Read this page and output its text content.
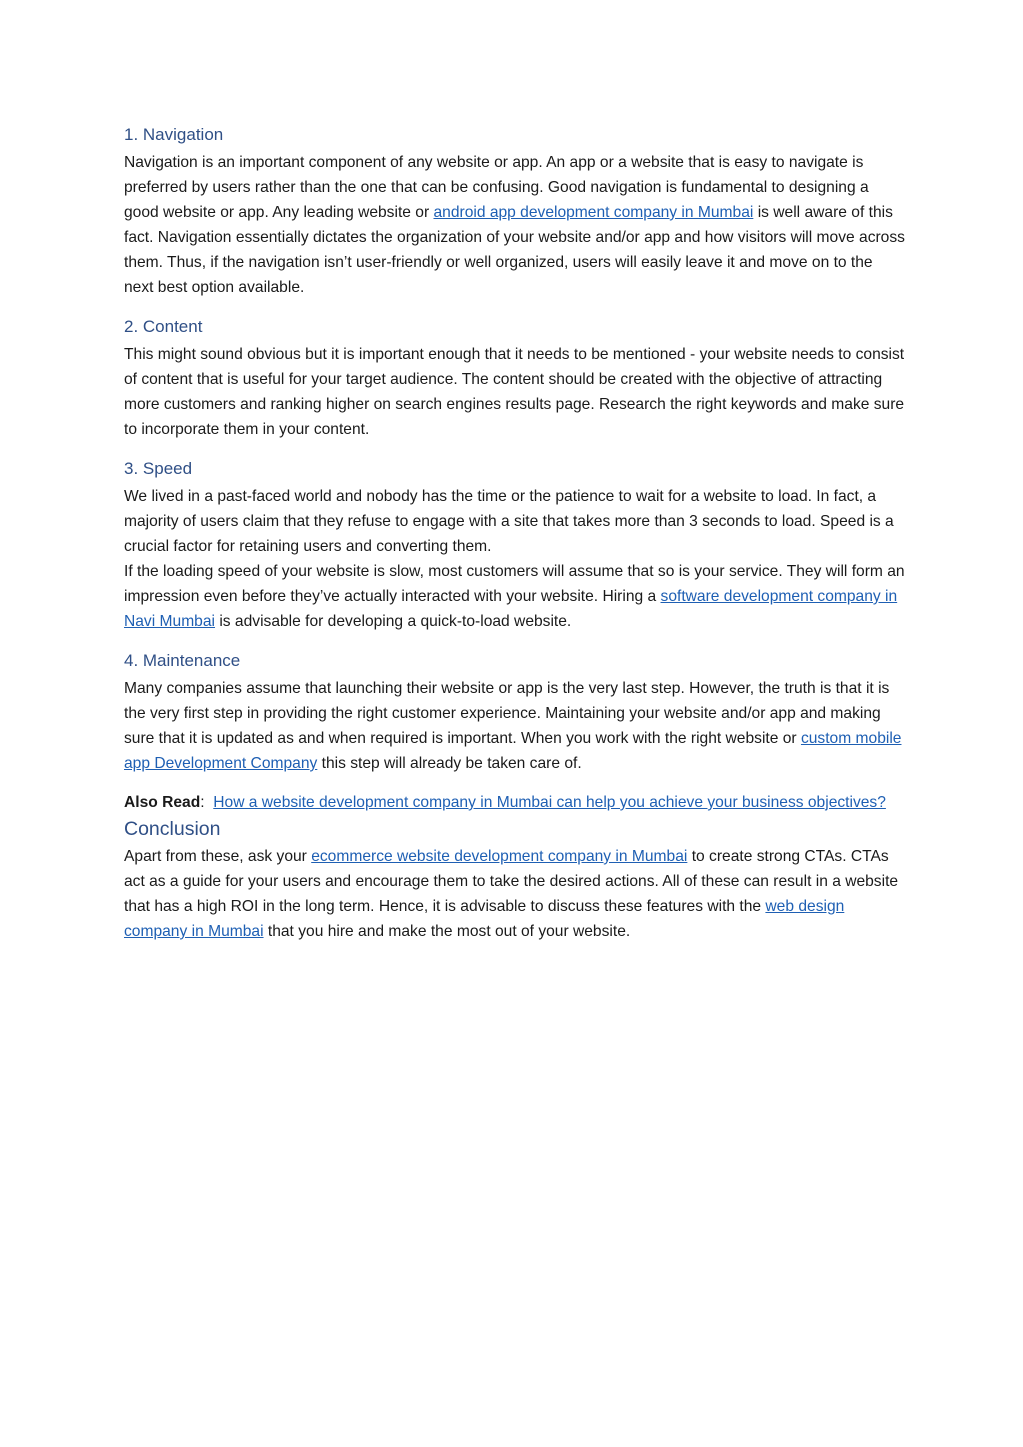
1. Navigation

Navigation is an important component of any website or app. An app or a website that is easy to navigate is preferred by users rather than the one that can be confusing. Good navigation is fundamental to designing a good website or app. Any leading website or android app development company in Mumbai is well aware of this fact. Navigation essentially dictates the organization of your website and/or app and how visitors will move across them. Thus, if the navigation isn’t user-friendly or well organized, users will easily leave it and move on to the next best option available.

2. Content

This might sound obvious but it is important enough that it needs to be mentioned - your website needs to consist of content that is useful for your target audience. The content should be created with the objective of attracting more customers and ranking higher on search engines results page. Research the right keywords and make sure to incorporate them in your content.

3. Speed

We lived in a past-faced world and nobody has the time or the patience to wait for a website to load. In fact, a majority of users claim that they refuse to engage with a site that takes more than 3 seconds to load. Speed is a crucial factor for retaining users and converting them.

If the loading speed of your website is slow, most customers will assume that so is your service. They will form an impression even before they’ve actually interacted with your website. Hiring a software development company in Navi Mumbai is advisable for developing a quick-to-load website.

4. Maintenance

Many companies assume that launching their website or app is the very last step. However, the truth is that it is the very first step in providing the right customer experience. Maintaining your website and/or app and making sure that it is updated as and when required is important. When you work with the right website or custom mobile app Development Company this step will already be taken care of.

Also Read:  How a website development company in Mumbai can help you achieve your business objectives?

Conclusion

Apart from these, ask your ecommerce website development company in Mumbai to create strong CTAs. CTAs act as a guide for your users and encourage them to take the desired actions. All of these can result in a website that has a high ROI in the long term. Hence, it is advisable to discuss these features with the web design company in Mumbai that you hire and make the most out of your website.
